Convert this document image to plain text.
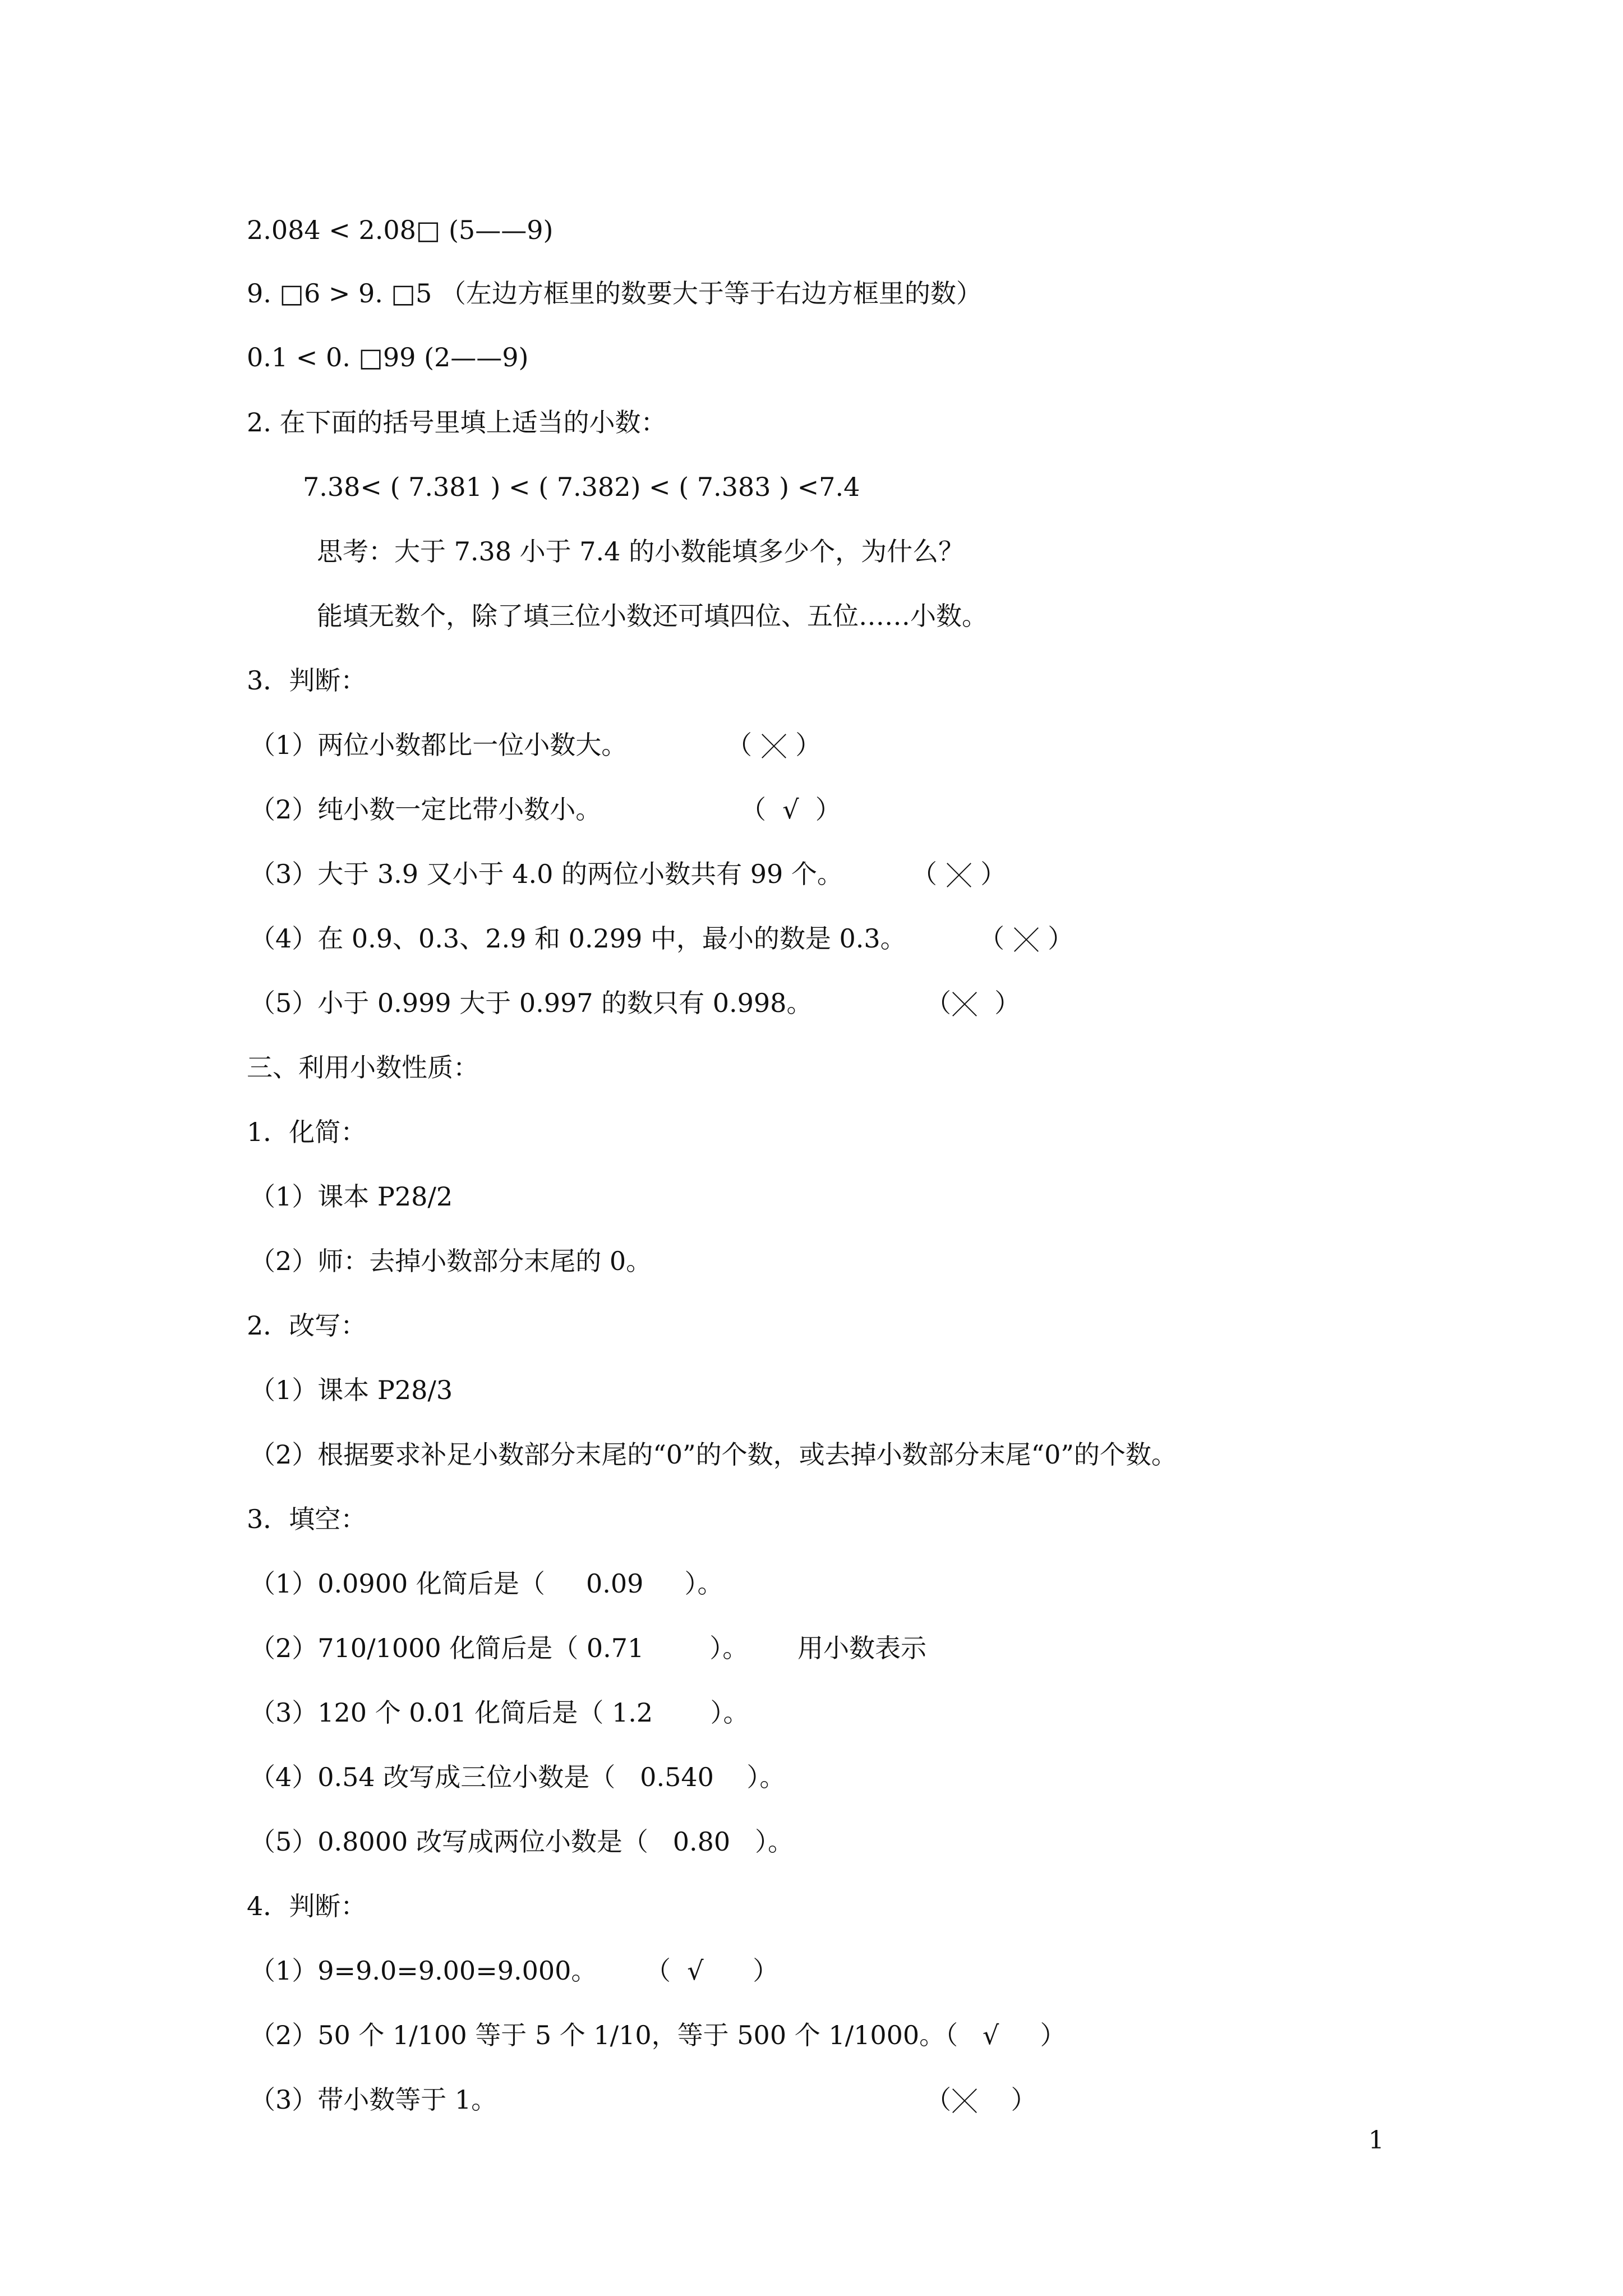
2.084 < 2.08□ (5——9)
9. □6 > 9. □5 （左边方框里的数要大于等于右边方框里的数）
0.1 < 0. □99 (2——9)
2. 在下面的括号里填上适当的小数：
7.38< ( 7.381 ) < ( 7.382) < ( 7.383 ) <7.4
思考：大于 7.38 小于 7.4 的小数能填多少个，为什么？
能填无数个，除了填三位小数还可填四位、五位……小数。
3．判断：
（1）两位小数都比一位小数大。	（  ）
（2）纯小数一定比带小数小。	（  √  ）
（3）大于 3.9 又小于 4.0 的两位小数共有 99 个。	（  ）
（4）在 0.9、0.3、2.9 和 0.299 中，最小的数是 0.3。	（  ）
（5）小于 0.999 大于 0.997 的数只有 0.998。	（  ）
三、利用小数性质：
1．化简：
（1）课本 P28/2
（2）师：去掉小数部分末尾的 0。
2．改写：
（1）课本 P28/3
（2）根据要求补足小数部分末尾的“0”的个数，或去掉小数部分末尾“0”的个数。
3．填空：
（1）0.0900 化简后是（     0.09     ）。
（2）710/1000 化简后是（ 0.71        ）。      用小数表示
（3）120 个 0.01 化简后是（ 1.2       ）。
（4）0.54 改写成三位小数是（   0.540    ）。
（5）0.8000 改写成两位小数是（   0.80   ）。
4．判断：
（1）9=9.0=9.00=9.000。 （  √      ）
（2）50 个 1/100 等于 5 个 1/10，等于 500 个 1/1000。（   √     ）
（3）带小数等于 1。	（    ）
1
